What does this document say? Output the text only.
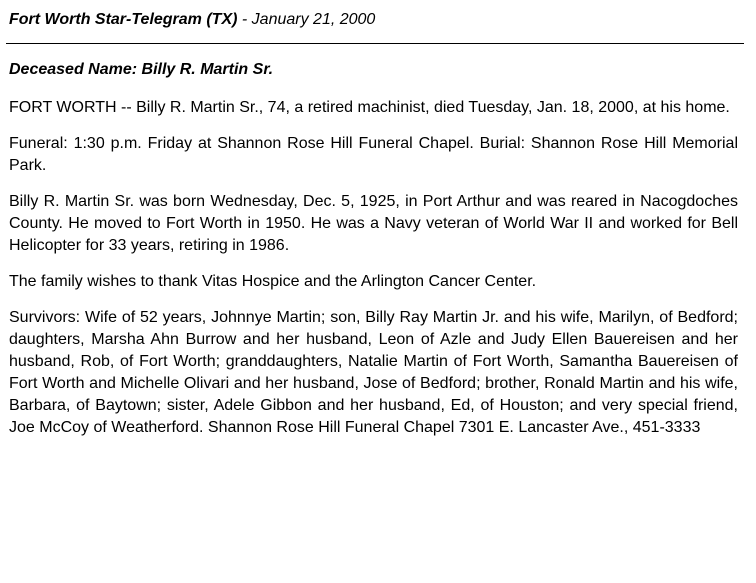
Fort Worth Star-Telegram (TX) - January 21, 2000
Deceased Name: Billy R. Martin Sr.

FORT WORTH -- Billy R. Martin Sr., 74, a retired machinist, died Tuesday, Jan. 18, 2000, at his home.

Funeral: 1:30 p.m. Friday at Shannon Rose Hill Funeral Chapel. Burial: Shannon Rose Hill Memorial Park.

Billy R. Martin Sr. was born Wednesday, Dec. 5, 1925, in Port Arthur and was reared in Nacogdoches County. He moved to Fort Worth in 1950. He was a Navy veteran of World War II and worked for Bell Helicopter for 33 years, retiring in 1986.

The family wishes to thank Vitas Hospice and the Arlington Cancer Center.

Survivors: Wife of 52 years, Johnnye Martin; son, Billy Ray Martin Jr. and his wife, Marilyn, of Bedford; daughters, Marsha Ahn Burrow and her husband, Leon of Azle and Judy Ellen Bauereisen and her husband, Rob, of Fort Worth; granddaughters, Natalie Martin of Fort Worth, Samantha Bauereisen of Fort Worth and Michelle Olivari and her husband, Jose of Bedford; brother, Ronald Martin and his wife, Barbara, of Baytown; sister, Adele Gibbon and her husband, Ed, of Houston; and very special friend, Joe McCoy of Weatherford. Shannon Rose Hill Funeral Chapel 7301 E. Lancaster Ave., 451-3333
